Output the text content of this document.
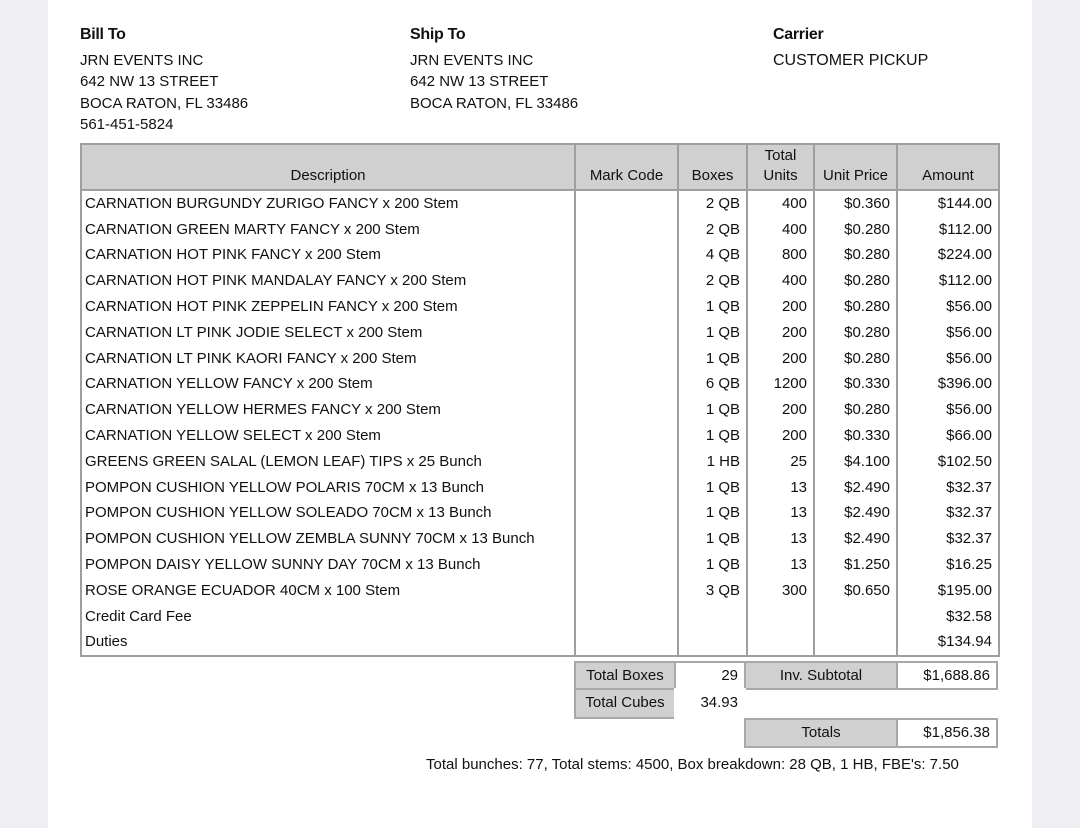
Bill To
JRN EVENTS INC
642 NW 13 STREET
BOCA RATON, FL 33486
561-451-5824
Ship To
JRN EVENTS INC
642 NW 13 STREET
BOCA RATON, FL 33486
Carrier
CUSTOMER PICKUP
Description	Mark Code	Boxes	Total Units	Unit Price	Amount
CARNATION BURGUNDY ZURIGO FANCY x 200 Stem		2 QB	400	$0.360	$144.00
CARNATION GREEN MARTY FANCY x 200 Stem		2 QB	400	$0.280	$112.00
CARNATION HOT PINK FANCY x 200 Stem		4 QB	800	$0.280	$224.00
CARNATION HOT PINK MANDALAY FANCY x 200 Stem		2 QB	400	$0.280	$112.00
CARNATION HOT PINK ZEPPELIN FANCY x 200 Stem		1 QB	200	$0.280	$56.00
CARNATION LT PINK JODIE SELECT x 200 Stem		1 QB	200	$0.280	$56.00
CARNATION LT PINK KAORI FANCY x 200 Stem		1 QB	200	$0.280	$56.00
CARNATION YELLOW FANCY x 200 Stem		6 QB	1200	$0.330	$396.00
CARNATION YELLOW HERMES FANCY x 200 Stem		1 QB	200	$0.280	$56.00
CARNATION YELLOW SELECT x 200 Stem		1 QB	200	$0.330	$66.00
GREENS GREEN SALAL (LEMON LEAF) TIPS x 25 Bunch		1 HB	25	$4.100	$102.50
POMPON CUSHION YELLOW POLARIS 70CM x 13 Bunch		1 QB	13	$2.490	$32.37
POMPON CUSHION YELLOW SOLEADO 70CM x 13 Bunch		1 QB	13	$2.490	$32.37
POMPON CUSHION YELLOW ZEMBLA SUNNY 70CM x 13 Bunch		1 QB	13	$2.490	$32.37
POMPON DAISY YELLOW SUNNY DAY 70CM x 13 Bunch		1 QB	13	$1.250	$16.25
ROSE ORANGE ECUADOR 40CM x 100 Stem		3 QB	300	$0.650	$195.00
Credit Card Fee					$32.58
Duties					$134.94
Total Boxes	29	Inv. Subtotal	$1,688.86
Total Cubes	34.93
Totals	$1,856.38
Total bunches: 77, Total stems: 4500, Box breakdown: 28 QB, 1 HB, FBE's: 7.50
